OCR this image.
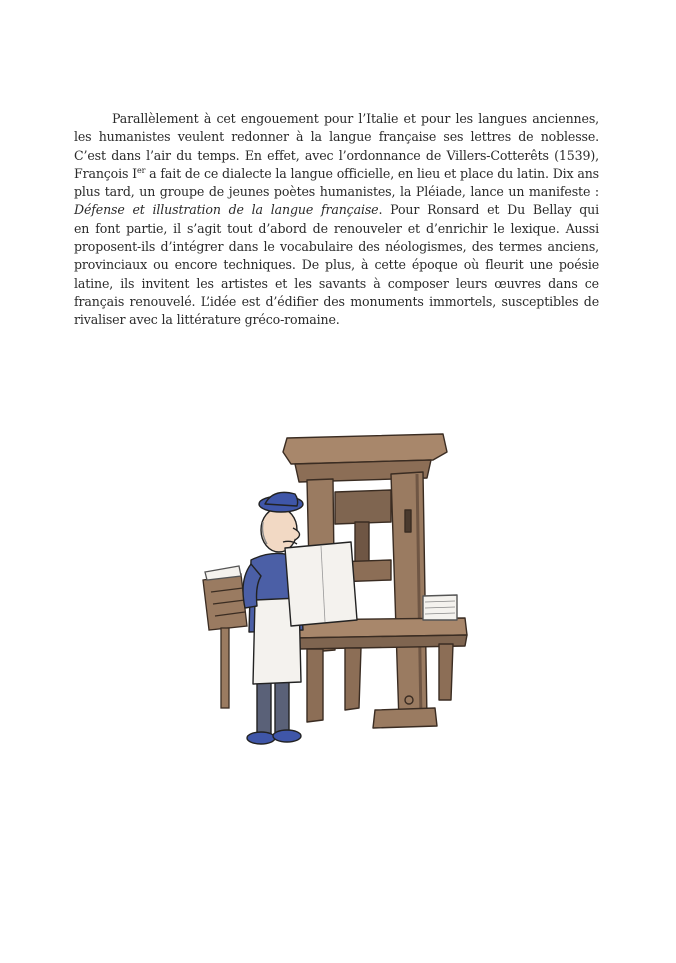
Parallèlement à cet engouement pour l’Italie et pour les langues anciennes,
les humanistes veulent redonner à la langue française ses lettres de noblesse.
C’est dans l’air du temps. En effet, avec l’ordonnance de Villers-Cotterêts (1539),
François Ier a fait de ce dialecte la langue officielle, en lieu et place du latin. Dix ans
plus tard, un groupe de jeunes poètes humanistes, la Pléiade, lance un manifeste :
Défense et illustration de la langue française. Pour Ronsard et Du Bellay qui
en font partie, il s’agit tout d’abord de renouveler et d’enrichir le lexique. Aussi
proposent-ils d’intégrer dans le vocabulaire des néologismes, des termes anciens,
provinciaux ou encore techniques. De plus, à cette époque où fleurit une poésie
latine, ils invitent les artistes et les savants à composer leurs œuvres dans ce
français renouvelé. L’idée est d’édifier des monuments immortels, susceptibles de
rivaliser avec la littérature gréco-romaine.
